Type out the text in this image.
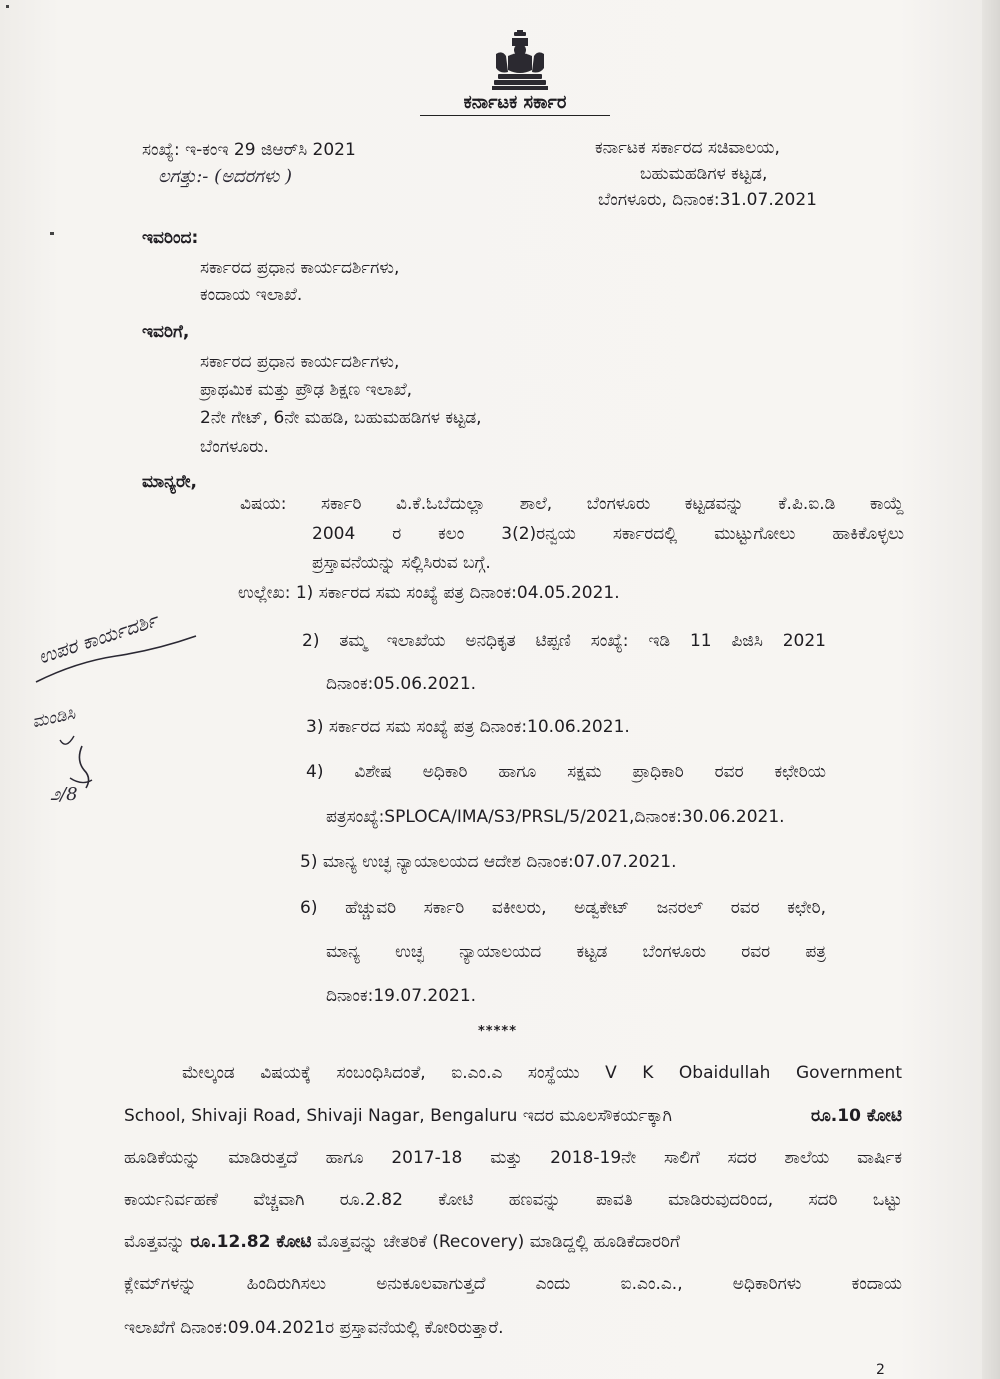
ಕರ್ನಾಟಕ ಸರ್ಕಾರ
ಸಂಖ್ಯೆ: ಇ-ಕಂಇ 29 ಜಿಆರ್‌ಸಿ 2021
ಲಗತ್ತು:- (ಅದರಗಳು )
ಕರ್ನಾಟಕ ಸರ್ಕಾರದ ಸಚಿವಾಲಯ,
ಬಹುಮಹಡಿಗಳ ಕಟ್ಟಡ,
ಬೆಂಗಳೂರು, ದಿನಾಂಕ:31.07.2021
ಇವರಿಂದ:
ಸರ್ಕಾರದ ಪ್ರಧಾನ ಕಾರ್ಯದರ್ಶಿಗಳು,
ಕಂದಾಯ ಇಲಾಖೆ.
ಇವರಿಗೆ,
ಸರ್ಕಾರದ ಪ್ರಧಾನ ಕಾರ್ಯದರ್ಶಿಗಳು,
ಪ್ರಾಥಮಿಕ ಮತ್ತು ಪ್ರೌಢ ಶಿಕ್ಷಣ ಇಲಾಖೆ,
2ನೇ ಗೇಟ್, 6ನೇ ಮಹಡಿ, ಬಹುಮಹಡಿಗಳ ಕಟ್ಟಡ,
ಬೆಂಗಳೂರು.
ಮಾನ್ಯರೇ,
ವಿಷಯ: ಸರ್ಕಾರಿ ವಿ.ಕೆ.ಓಬೆದುಲ್ಲಾ ಶಾಲೆ, ಬೆಂಗಳೂರು ಕಟ್ಟಡವನ್ನು ಕೆ.ಪಿ.ಐ.ಡಿ ಕಾಯ್ದೆ
2004 ರ ಕಲಂ 3(2)ರನ್ವಯ ಸರ್ಕಾರದಲ್ಲಿ ಮುಟ್ಟುಗೋಲು ಹಾಕಿಕೊಳ್ಳಲು
ಪ್ರಸ್ತಾವನೆಯನ್ನು ಸಲ್ಲಿಸಿರುವ ಬಗ್ಗೆ.
ಉಲ್ಲೇಖ: 1) ಸರ್ಕಾರದ ಸಮ ಸಂಖ್ಯೆ ಪತ್ರ ದಿನಾಂಕ:04.05.2021.
2) ತಮ್ಮ ಇಲಾಖೆಯ ಅನಧಿಕೃತ ಟಿಪ್ಪಣಿ ಸಂಖ್ಯೆ: ಇಡಿ 11 ಪಿಜಿಸಿ 2021
ದಿನಾಂಕ:05.06.2021.
3) ಸರ್ಕಾರದ ಸಮ ಸಂಖ್ಯೆ ಪತ್ರ ದಿನಾಂಕ:10.06.2021.
4) ವಿಶೇಷ ಅಧಿಕಾರಿ ಹಾಗೂ ಸಕ್ಷಮ ಪ್ರಾಧಿಕಾರಿ ರವರ ಕಛೇರಿಯ
ಪತ್ರಸಂಖ್ಯೆ:SPLOCA/IMA/S3/PRSL/5/2021,ದಿನಾಂಕ:30.06.2021.
5) ಮಾನ್ಯ ಉಚ್ಛ ನ್ಯಾಯಾಲಯದ ಆದೇಶ ದಿನಾಂಕ:07.07.2021.
6) ಹೆಚ್ಚುವರಿ ಸರ್ಕಾರಿ ವಕೀಲರು, ಅಡ್ವಕೇಟ್ ಜನರಲ್ ರವರ ಕಛೇರಿ,
ಮಾನ್ಯ ಉಚ್ಛ ನ್ಯಾಯಾಲಯದ ಕಟ್ಟಡ ಬೆಂಗಳೂರು ರವರ ಪತ್ರ
ದಿನಾಂಕ:19.07.2021.
*****
ಮೇಲ್ಕಂಡ ವಿಷಯಕ್ಕೆ ಸಂಬಂಧಿಸಿದಂತೆ, ಐ.ಎಂ.ಎ ಸಂಸ್ಥೆಯು V K Obaidullah Government
School, Shivaji Road, Shivaji Nagar, Bengaluru ಇದರ ಮೂಲಸೌಕರ್ಯಕ್ಕಾಗಿ	ರೂ.10 ಕೋಟಿ
ಹೂಡಿಕೆಯನ್ನು ಮಾಡಿರುತ್ತದೆ ಹಾಗೂ 2017-18 ಮತ್ತು 2018-19ನೇ ಸಾಲಿಗೆ ಸದರ ಶಾಲೆಯ ವಾರ್ಷಿಕ
ಕಾರ್ಯನಿರ್ವಹಣೆ ವೆಚ್ಚವಾಗಿ ರೂ.2.82 ಕೋಟಿ ಹಣವನ್ನು ಪಾವತಿ ಮಾಡಿರುವುದರಿಂದ, ಸದರಿ ಒಟ್ಟು
ಮೊತ್ತವನ್ನು ರೂ.12.82 ಕೋಟಿ ಮೊತ್ತವನ್ನು ಚೇತರಿಕೆ (Recovery) ಮಾಡಿದ್ದಲ್ಲಿ ಹೂಡಿಕೆದಾರರಿಗೆ
ಕ್ಲೇಮ್‌ಗಳನ್ನು ಹಿಂದಿರುಗಿಸಲು ಅನುಕೂಲವಾಗುತ್ತದೆ ಎಂದು ಐ.ಎಂ.ಎ., ಅಧಿಕಾರಿಗಳು ಕಂದಾಯ
ಇಲಾಖೆಗೆ ದಿನಾಂಕ:09.04.2021ರ ಪ್ರಸ್ತಾವನೆಯಲ್ಲಿ ಕೋರಿರುತ್ತಾರೆ.
ಉಪರ ಕಾರ್ಯದರ್ಶಿ
ಮಂಡಿಸಿ
೨/8
2
